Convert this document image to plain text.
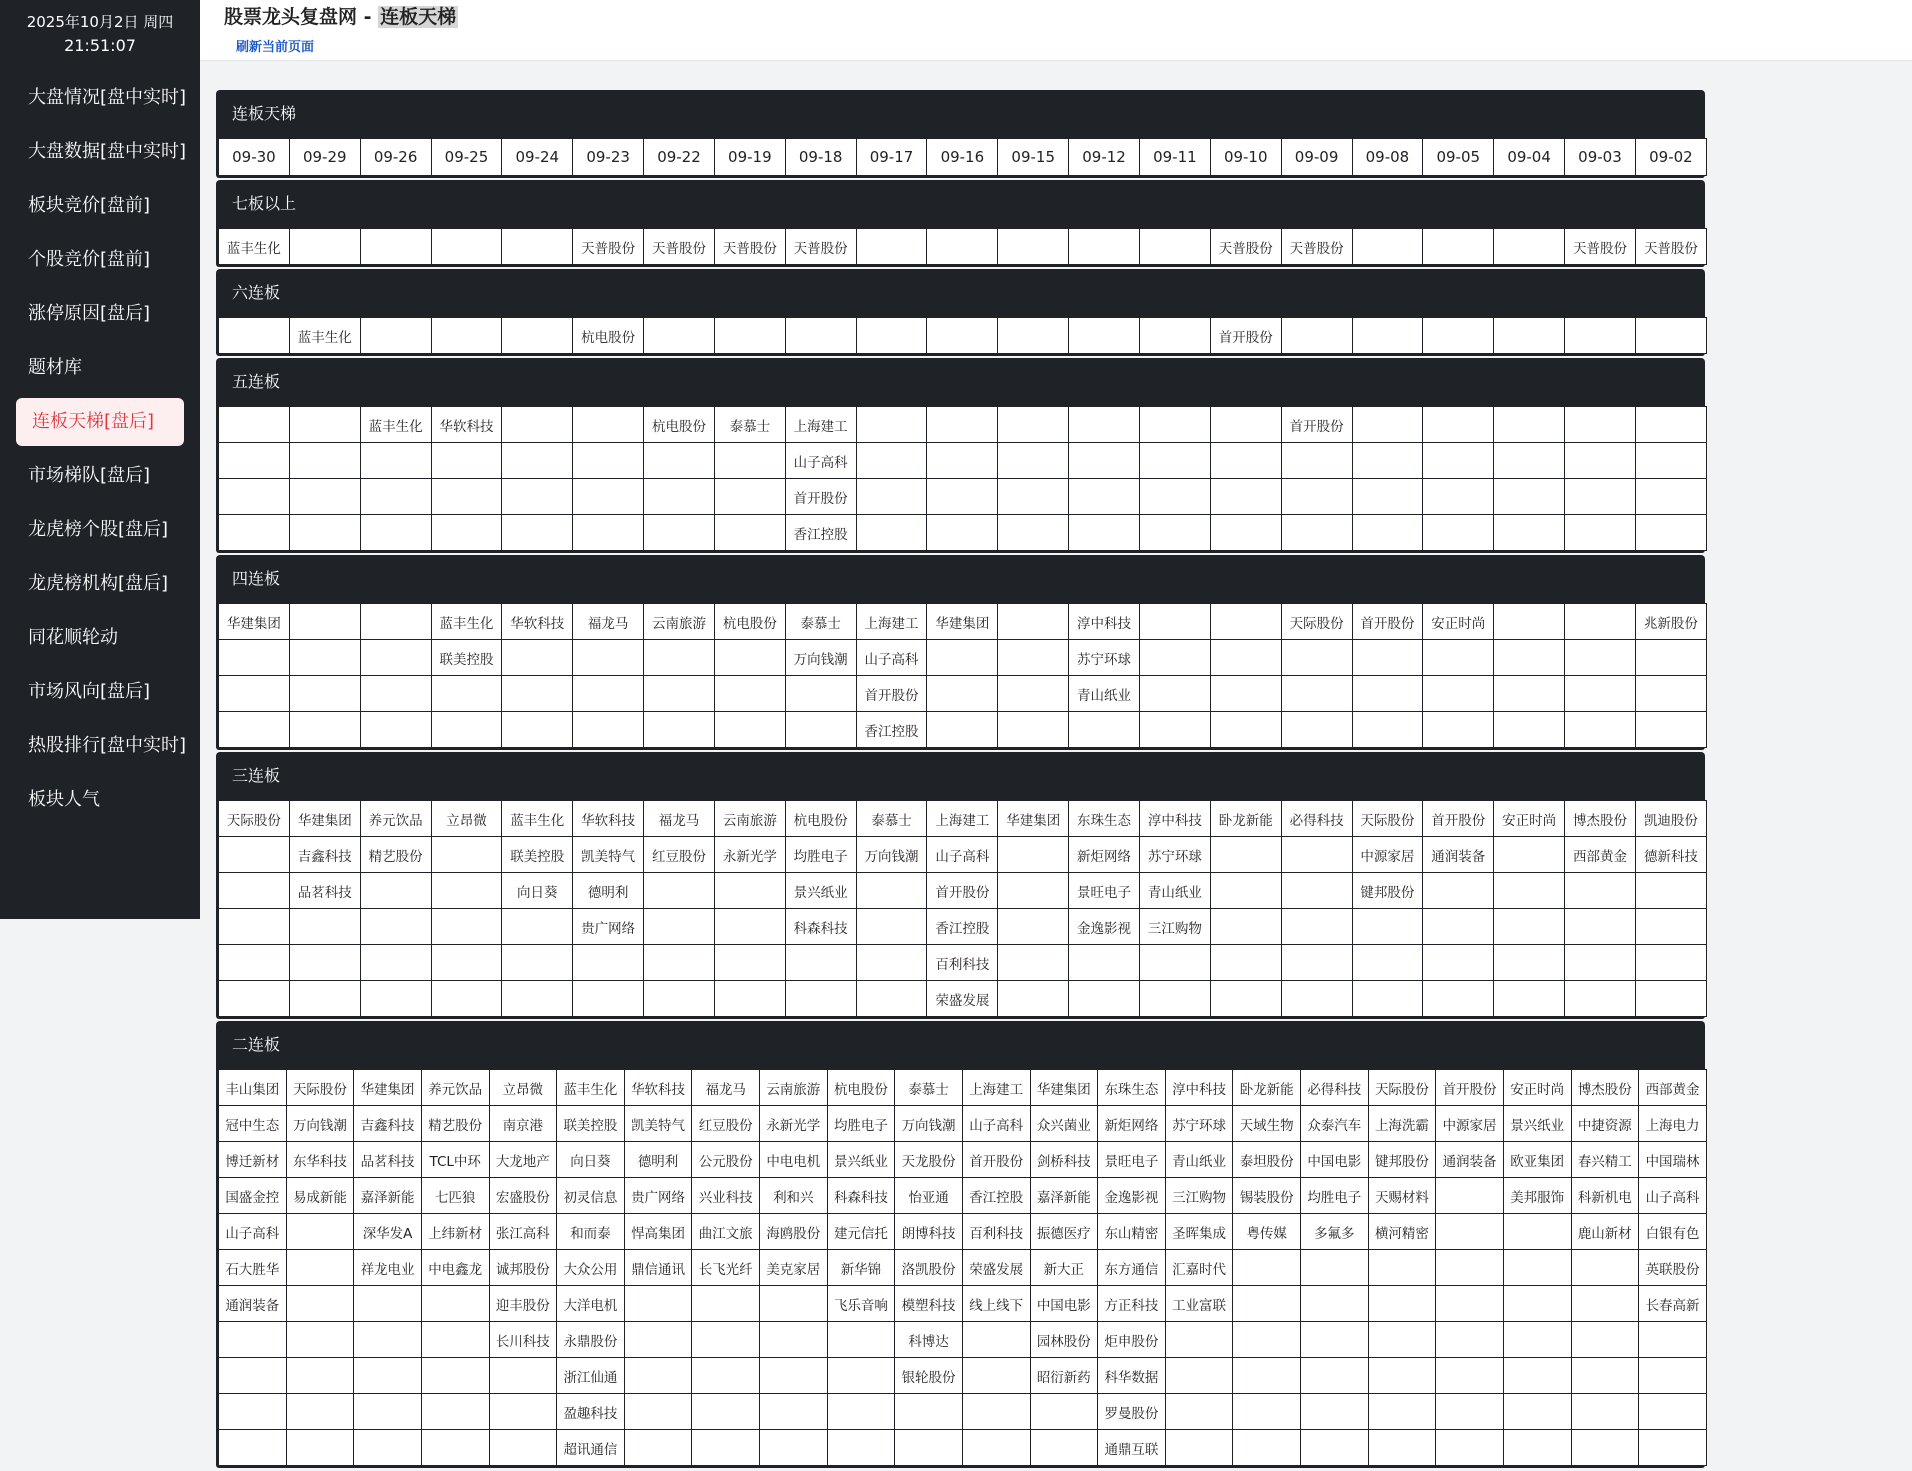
2025年10月2日 周四
21:51:07
大盘情况[盘中实时]
大盘数据[盘中实时]
板块竞价[盘前]
个股竞价[盘前]
涨停原因[盘后]
题材库
连板天梯[盘后]
市场梯队[盘后]
龙虎榜个股[盘后]
龙虎榜机构[盘后]
同花顺轮动
市场风向[盘后]
热股排行[盘中实时]
板块人气
股票龙头复盘网 - 连板天梯
刷新当前页面
连板天梯
09-30	09-29	09-26	09-25	09-24	09-23	09-22	09-19	09-18	09-17	09-16	09-15	09-12	09-11	09-10	09-09	09-08	09-05	09-04	09-03	09-02
七板以上
蓝丰生化					天普股份	天普股份	天普股份	天普股份						天普股份	天普股份				天普股份	天普股份
六连板
	蓝丰生化				杭电股份									首开股份						
五连板
		蓝丰生化	华软科技			杭电股份	泰慕士	上海建工							首开股份					
								山子高科												
								首开股份												
								香江控股												
四连板
华建集团			蓝丰生化	华软科技	福龙马	云南旅游	杭电股份	泰慕士	上海建工	华建集团		淳中科技			天际股份	首开股份	安正时尚			兆新股份
			联美控股					万向钱潮	山子高科			苏宁环球								
									首开股份			青山纸业								
									香江控股											
三连板
天际股份	华建集团	养元饮品	立昂微	蓝丰生化	华软科技	福龙马	云南旅游	杭电股份	泰慕士	上海建工	华建集团	东珠生态	淳中科技	卧龙新能	必得科技	天际股份	首开股份	安正时尚	博杰股份	凯迪股份
	吉鑫科技	精艺股份		联美控股	凯美特气	红豆股份	永新光学	均胜电子	万向钱潮	山子高科		新炬网络	苏宁环球			中源家居	通润装备		西部黄金	德新科技
	品茗科技			向日葵	德明利			景兴纸业		首开股份		景旺电子	青山纸业			键邦股份				
					贵广网络			科森科技		香江控股		金逸影视	三江购物							
										百利科技										
										荣盛发展										
二连板
丰山集团	天际股份	华建集团	养元饮品	立昂微	蓝丰生化	华软科技	福龙马	云南旅游	杭电股份	泰慕士	上海建工	华建集团	东珠生态	淳中科技	卧龙新能	必得科技	天际股份	首开股份	安正时尚	博杰股份	西部黄金
冠中生态	万向钱潮	吉鑫科技	精艺股份	南京港	联美控股	凯美特气	红豆股份	永新光学	均胜电子	万向钱潮	山子高科	众兴菌业	新炬网络	苏宁环球	天域生物	众泰汽车	上海洗霸	中源家居	景兴纸业	中捷资源	上海电力
博迁新材	东华科技	品茗科技	TCL中环	大龙地产	向日葵	德明利	公元股份	中电电机	景兴纸业	天龙股份	首开股份	剑桥科技	景旺电子	青山纸业	泰坦股份	中国电影	键邦股份	通润装备	欧亚集团	春兴精工	中国瑞林
国盛金控	易成新能	嘉泽新能	七匹狼	宏盛股份	初灵信息	贵广网络	兴业科技	利和兴	科森科技	怡亚通	香江控股	嘉泽新能	金逸影视	三江购物	锡装股份	均胜电子	天赐材料		美邦服饰	科新机电	山子高科
山子高科		深华发A	上纬新材	张江高科	和而泰	悍高集团	曲江文旅	海鸥股份	建元信托	朗博科技	百利科技	振德医疗	东山精密	圣晖集成	粤传媒	多氟多	横河精密			鹿山新材	白银有色
石大胜华		祥龙电业	中电鑫龙	诚邦股份	大众公用	鼎信通讯	长飞光纤	美克家居	新华锦	洛凯股份	荣盛发展	新大正	东方通信	汇嘉时代							英联股份
通润装备				迎丰股份	大洋电机				飞乐音响	模塑科技	线上线下	中国电影	方正科技	工业富联							长春高新
				长川科技	永鼎股份					科博达		园林股份	炬申股份								
					浙江仙通					银轮股份		昭衍新药	科华数据								
					盈趣科技								罗曼股份								
					超讯通信								通鼎互联								
